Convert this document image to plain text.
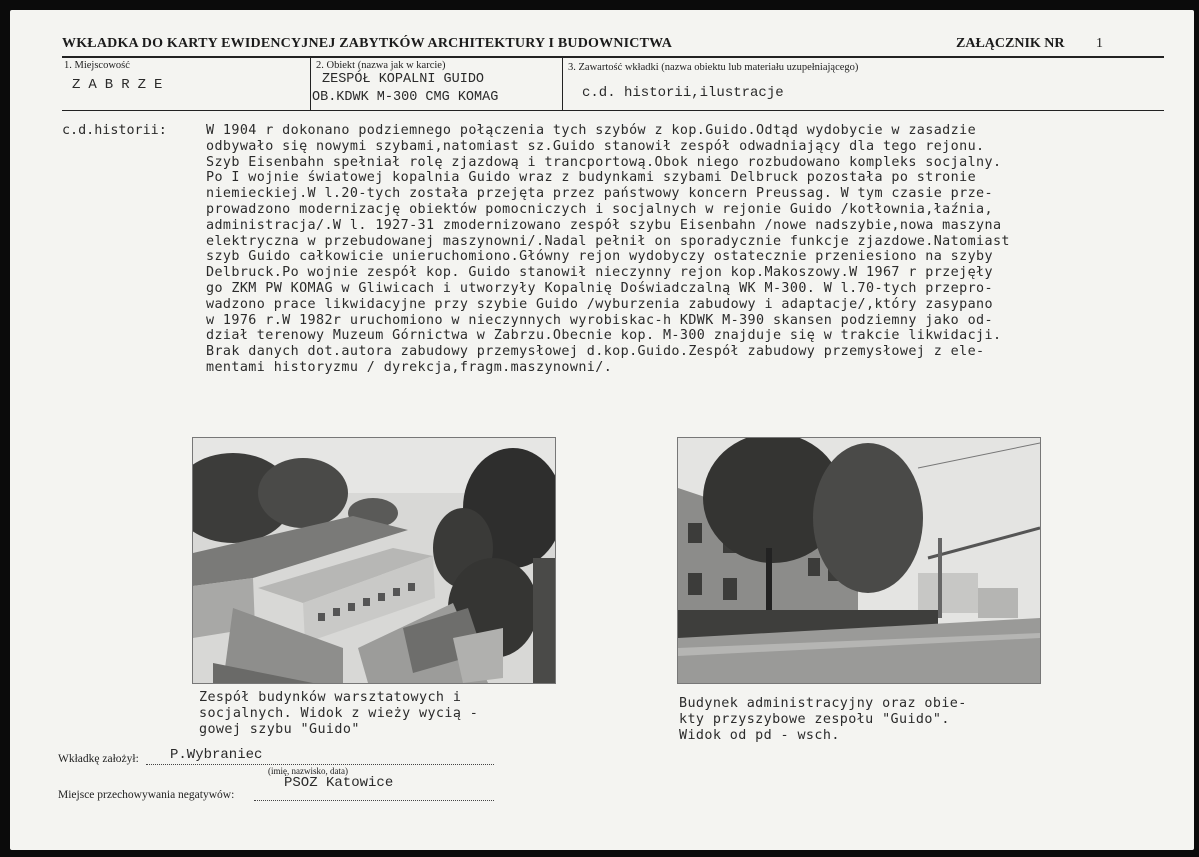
WKŁADKA DO KARTY EWIDENCYJNEJ ZABYTKÓW ARCHITEKTURY I BUDOWNICTWA	ZAŁĄCZNIK NR 1
1. Miejscowość
ZABRZE
2. Obiekt (nazwa jak w karcie)
ZESPÓŁ KOPALNI GUIDO
OB.KDWK M-300 CMG KOMAG
3. Zawartość wkładki (nazwa obiektu lub materiału uzupełniającego)
c.d. historii,ilustracje
c.d.historii:	W 1904 r dokonano podziemnego połączenia tych szybów z kop.Guido.Odtąd wydobycie w zasadzie
odbywało się nowymi szybami,natomiast sz.Guido stanowił zespół odwadniający dla tego rejonu.
Szyb Eisenbahn spełniał rolę zjazdową i trancportową.Obok niego rozbudowano kompleks socjalny.
Po I wojnie światowej kopalnia Guido wraz z budynkami szybami Delbruck pozostała po stronie
niemieckiej.W l.20-tych została przejęta przez państwowy koncern Preussag. W tym czasie prze-
prowadzono modernizację obiektów pomocniczych i socjalnych w rejonie Guido /kotłownia,łaźnia,
administracja/.W l. 1927-31 zmodernizowano zespół szybu Eisenbahn /nowe nadszybie,nowa maszyna
elektryczna w przebudowanej maszynowni/.Nadal pełnił on sporadycznie funkcje zjazdowe.Natomiast
szyb Guido całkowicie unieruchomiono.Główny rejon wydobyczy ostatecznie przeniesiono na szyby
Delbruck.Po wojnie zespół kop. Guido stanowił nieczynny rejon kop.Makoszowy.W 1967 r przejęły
go ZKM PW KOMAG w Gliwicach i utworzyły Kopalnię Doświadczalną WK M-300. W l.70-tych przepro-
wadzono prace likwidacyjne przy szybie Guido /wyburzenia zabudowy i adaptacje/,który zasypano
w 1976 r.W 1982r uruchomiono w nieczynnych wyrobiskac-h KDWK M-390 skansen podziemny jako od-
dział terenowy Muzeum Górnictwa w Zabrzu.Obecnie kop. M-300 znajduje się w trakcie likwidacji.
Brak danych dot.autora zabudowy przemysłowej d.kop.Guido.Zespół zabudowy przemysłowej z ele-
mentami historyzmu / dyrekcja,fragm.maszynowni/.
Zespół budynków warsztatowych i
socjalnych. Widok z wieży wycią -
gowej szybu "Guido"
Budynek administracyjny oraz obie-
kty przyszybowe zespołu "Guido".
Widok od pd - wsch.
Wkładkę założył: P.Wybraniec
(imię, nazwisko, data)
Miejsce przechowywania negatywów:
PSOZ Katowice
